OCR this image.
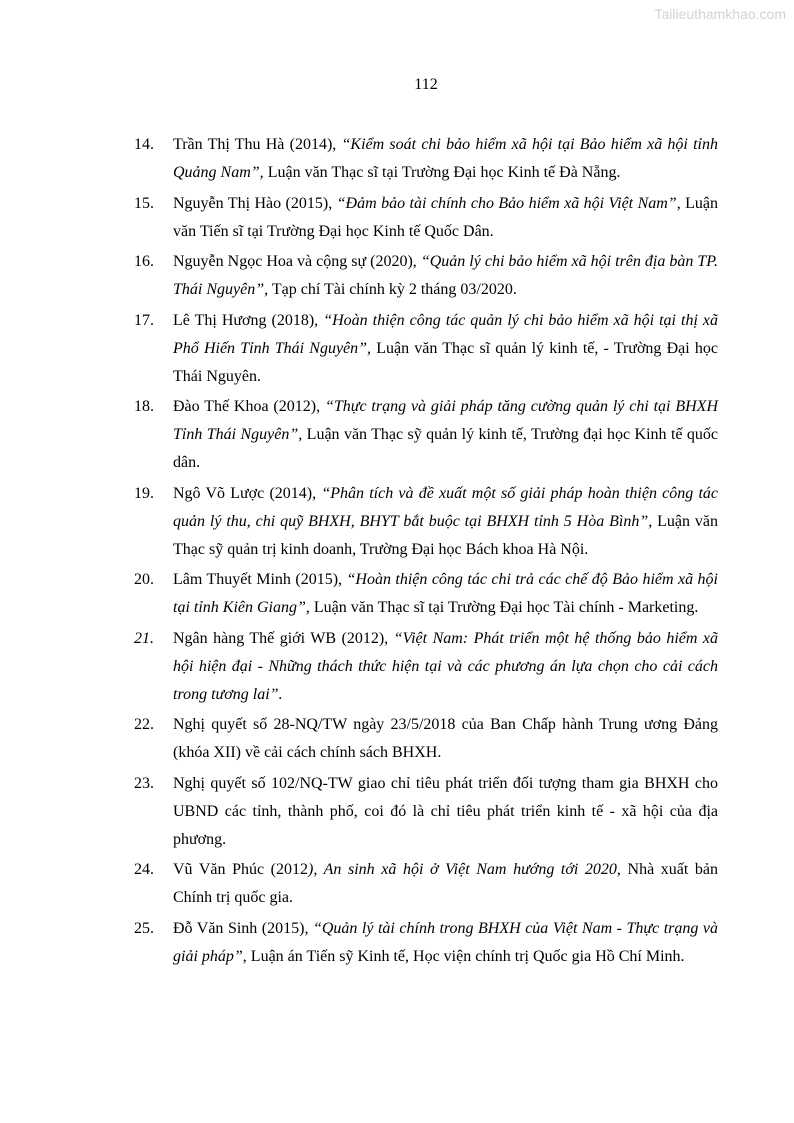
Tailieuthamkhao.com
112
14.	Trần Thị Thu Hà (2014), “Kiểm soát chi bảo hiểm xã hội tại Bảo hiểm xã hội tỉnh Quảng Nam”, Luận văn Thạc sĩ tại Trường Đại học Kinh tế Đà Nẵng.
15.	Nguyễn Thị Hào (2015), “Đảm bảo tài chính cho Bảo hiểm xã hội Việt Nam”, Luận văn Tiến sĩ tại Trường Đại học Kinh tế Quốc Dân.
16.	Nguyễn Ngọc Hoa và cộng sự (2020), “Quản lý chi bảo hiểm xã hội trên địa bàn TP. Thái Nguyên”, Tạp chí Tài chính kỳ 2 tháng 03/2020.
17.	Lê Thị Hương (2018), “Hoàn thiện công tác quản lý chi bảo hiểm xã hội tại thị xã Phổ Hiến Tỉnh Thái Nguyên”, Luận văn Thạc sĩ quản lý kinh tế, - Trường Đại học Thái Nguyên.
18.	Đào Thế Khoa (2012), “Thực trạng và giải pháp tăng cường quản lý chi tại BHXH Tỉnh Thái Nguyên”, Luận văn Thạc sỹ quản lý kinh tế, Trường đại học Kinh tế quốc dân.
19.	Ngô Võ Lược (2014), “Phân tích và đề xuất một số giải pháp hoàn thiện công tác quản lý thu, chi quỹ BHXH, BHYT bắt buộc tại BHXH tỉnh 5 Hòa Bình”, Luận văn Thạc sỹ quản trị kinh doanh, Trường Đại học Bách khoa Hà Nội.
20.	Lâm Thuyết Minh (2015), “Hoàn thiện công tác chi trả các chế độ Bảo hiểm xã hội tại tỉnh Kiên Giang”, Luận văn Thạc sĩ tại Trường Đại học Tài chính - Marketing.
21.	Ngân hàng Thế giới WB (2012), “Việt Nam: Phát triển một hệ thống bảo hiểm xã hội hiện đại - Những thách thức hiện tại và các phương án lựa chọn cho cải cách trong tương lai”.
22.	Nghị quyết số 28-NQ/TW ngày 23/5/2018 của Ban Chấp hành Trung ương Đảng (khóa XII) về cải cách chính sách BHXH.
23.	Nghị quyết số 102/NQ-TW giao chỉ tiêu phát triển đối tượng tham gia BHXH cho UBND các tỉnh, thành phố, coi đó là chỉ tiêu phát triển kinh tế - xã hội của địa phương.
24.	Vũ Văn Phúc (2012), An sinh xã hội ở Việt Nam hướng tới 2020, Nhà xuất bản Chính trị quốc gia.
25.	Đỗ Văn Sinh (2015), “Quản lý tài chính trong BHXH của Việt Nam - Thực trạng và giải pháp”, Luận án Tiến sỹ Kinh tế, Học viện chính trị Quốc gia Hồ Chí Minh.
